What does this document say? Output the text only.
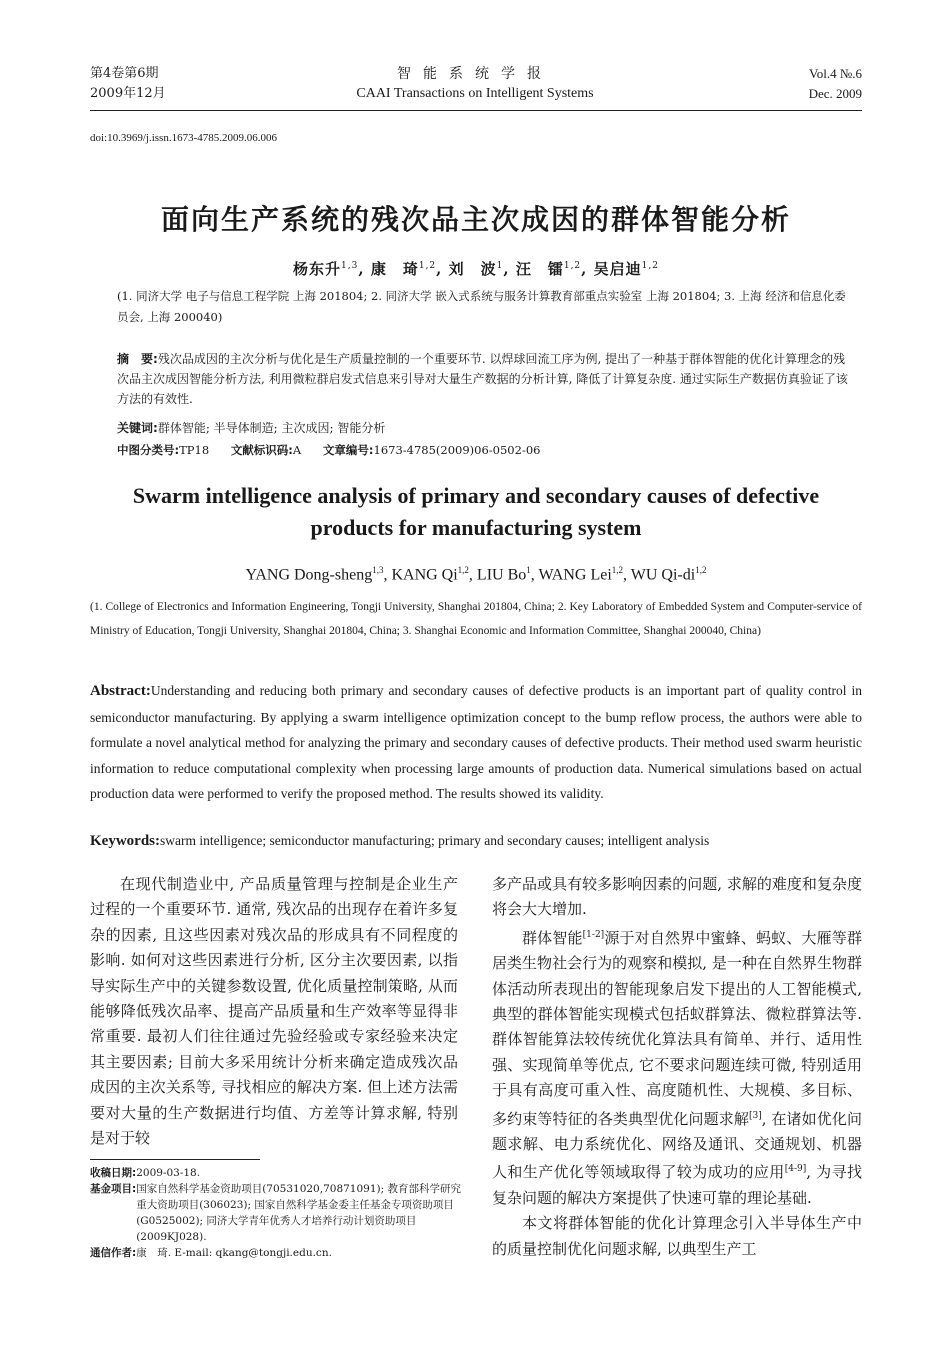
第4卷第6期
2009年12月
智能系统学报
CAAI Transactions on Intelligent Systems
Vol.4 №.6
Dec. 2009
doi:10.3969/j.issn.1673-4785.2009.06.006
面向生产系统的残次品主次成因的群体智能分析
杨东升$^{1,3}$, 康　琦$^{1,2}$, 刘　波$^1$, 汪　镭$^{1,2}$, 吴启迪$^{1,2}$
(1. 同济大学 电子与信息工程学院 上海 201804; 2. 同济大学 嵌入式系统与服务计算教育部重点实验室 上海 201804; 3. 上海 经济和信息化委员会, 上海 200040)
摘　要:残次品成因的主次分析与优化是生产质量控制的一个重要环节. 以焊球回流工序为例, 提出了一种基于群体智能的优化计算理念的残次品主次成因智能分析方法, 利用微粒群启发式信息来引导对大量生产数据的分析计算, 降低了计算复杂度. 通过实际生产数据仿真验证了该方法的有效性.
关键词:群体智能; 半导体制造; 主次成因; 智能分析
中图分类号:TP18 文献标识码:A 文章编号:1673-4785(2009)06-0502-06
Swarm intelligence analysis of primary and secondary causes of defective products for manufacturing system
YANG Dong-sheng$^{1,3}$, KANG Qi$^{1,2}$, LIU Bo$^1$, WANG Lei$^{1,2}$, WU Qi-di$^{1,2}$
(1. College of Electronics and Information Engineering, Tongji University, Shanghai 201804, China; 2. Key Laboratory of Embedded System and Computer-service of Ministry of Education, Tongji University, Shanghai 201804, China; 3. Shanghai Economic and Information Committee, Shanghai 200040, China)
Abstract:Understanding and reducing both primary and secondary causes of defective products is an important part of quality control in semiconductor manufacturing. By applying a swarm intelligence optimization concept to the bump reflow process, the authors were able to formulate a novel analytical method for analyzing the primary and secondary causes of defective products. Their method used swarm heuristic information to reduce computational complexity when processing large amounts of production data. Numerical simulations based on actual production data were performed to verify the proposed method. The results showed its validity.
Keywords:swarm intelligence; semiconductor manufacturing; primary and secondary causes; intelligent analysis

在现代制造业中, 产品质量管理与控制是企业生产过程的一个重要环节. 通常, 残次品的出现存在着许多复杂的因素, 且这些因素对残次品的形成具有不同程度的影响. 如何对这些因素进行分析, 区分主次要因素, 以指导实际生产中的关键参数设置, 优化质量控制策略, 从而能够降低残次品率、提高产品质量和生产效率等显得非常重要. 最初人们往往通过先验经验或专家经验来决定其主要因素; 目前大多采用统计分析来确定造成残次品成因的主次关系等, 寻找相应的解决方案. 但上述方法需要对大量的生产数据进行均值、方差等计算求解, 特别是对于较

多产品或具有较多影响因素的问题, 求解的难度和复杂度将会大大增加.

群体智能[1-2]源于对自然界中蜜蜂、蚂蚁、大雁等群居类生物社会行为的观察和模拟, 是一种在自然界生物群体活动所表现出的智能现象启发下提出的人工智能模式, 典型的群体智能实现模式包括蚁群算法、微粒群算法等. 群体智能算法较传统优化算法具有简单、并行、适用性强、实现简单等优点, 它不要求问题连续可微, 特别适用于具有高度可重入性、高度随机性、大规模、多目标、多约束等特征的各类典型优化问题求解[3], 在诸如优化问题求解、电力系统优化、网络及通讯、交通规划、机器人和生产优化等领域取得了较为成功的应用[4-9], 为寻找复杂问题的解决方案提供了快速可靠的理论基础.

本文将群体智能的优化计算理念引入半导体生产中的质量控制优化问题求解, 以典型生产工

收稿日期: 2009-03-18.
基金项目: 国家自然科学基金资助项目(70531020,70871091); 教育部科学研究重大资助项目(306023); 国家自然科学基金委主任基金专项资助项目(G0525002); 同济大学青年优秀人才培养行动计划资助项目(2009KJ028).
通信作者: 康　琦. E-mail: qkang@tongji.edu.cn.
